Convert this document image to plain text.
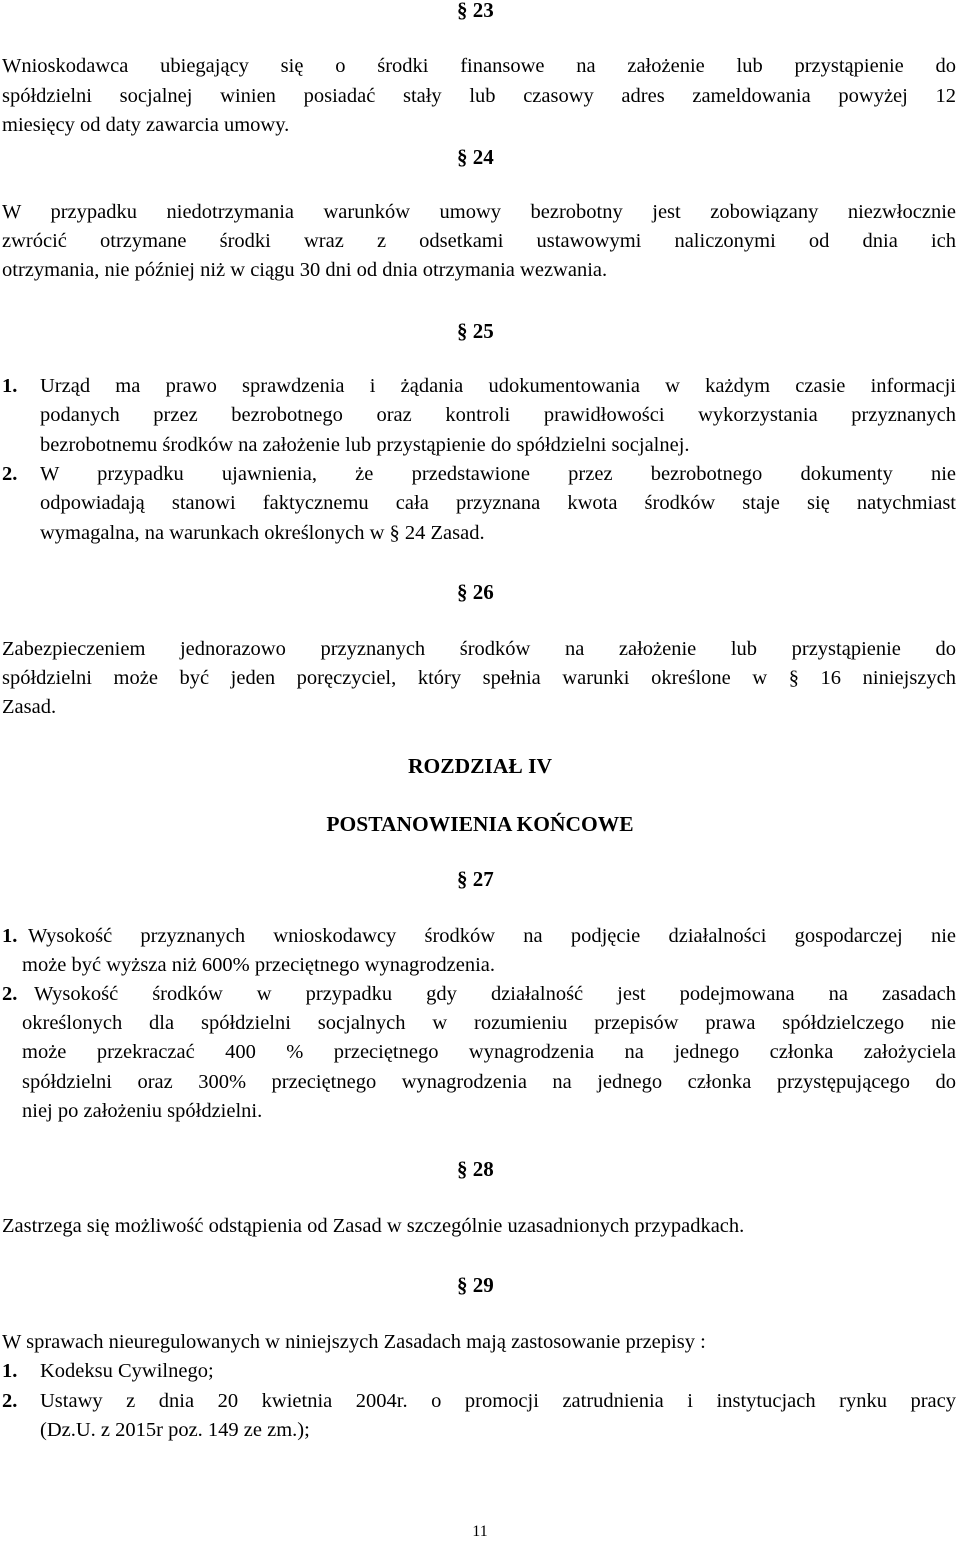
§ 23
Wnioskodawca ubiegający się o środki finansowe na założenie lub przystąpienie do
spółdzielni socjalnej winien posiadać stały lub czasowy adres zameldowania powyżej 12
miesięcy od daty zawarcia umowy.
§ 24
W przypadku niedotrzymania warunków umowy bezrobotny jest zobowiązany niezwłocznie
zwrócić otrzymane środki wraz z odsetkami ustawowymi naliczonymi od dnia ich
otrzymania, nie później niż w ciągu 30 dni od dnia otrzymania wezwania.
§ 25
1. Urząd ma prawo sprawdzenia i żądania udokumentowania w każdym czasie informacji
podanych przez bezrobotnego oraz kontroli prawidłowości wykorzystania przyznanych
bezrobotnemu środków na założenie lub przystąpienie do spółdzielni socjalnej.
2. W przypadku ujawnienia, że przedstawione przez bezrobotnego dokumenty nie
odpowiadają stanowi faktycznemu cała przyznana kwota środków staje się natychmiast
wymagalna, na warunkach określonych w § 24 Zasad.
§ 26
Zabezpieczeniem jednorazowo przyznanych środków na założenie lub przystąpienie do
spółdzielni może być jeden poręczyciel, który spełnia warunki określone w § 16 niniejszych
Zasad.
ROZDZIAŁ IV
POSTANOWIENIA KOŃCOWE
§ 27
1. Wysokość przyznanych wnioskodawcy środków na podjęcie działalności gospodarczej nie
może być wyższa niż 600% przeciętnego wynagrodzenia.
2. Wysokość środków w przypadku gdy działalność jest podejmowana na zasadach
określonych dla spółdzielni socjalnych w rozumieniu przepisów prawa spółdzielczego nie
może przekraczać 400 % przeciętnego wynagrodzenia na jednego członka założyciela
spółdzielni oraz 300% przeciętnego wynagrodzenia na jednego członka przystępującego do
niej po założeniu spółdzielni.
§ 28
Zastrzega się możliwość odstąpienia od Zasad w szczególnie uzasadnionych przypadkach.
§ 29
W sprawach nieuregulowanych w niniejszych Zasadach mają zastosowanie przepisy :
1. Kodeksu Cywilnego;
2. Ustawy z dnia 20 kwietnia 2004r. o promocji zatrudnienia i instytucjach rynku pracy
(Dz.U. z 2015r poz. 149 ze zm.);
11
